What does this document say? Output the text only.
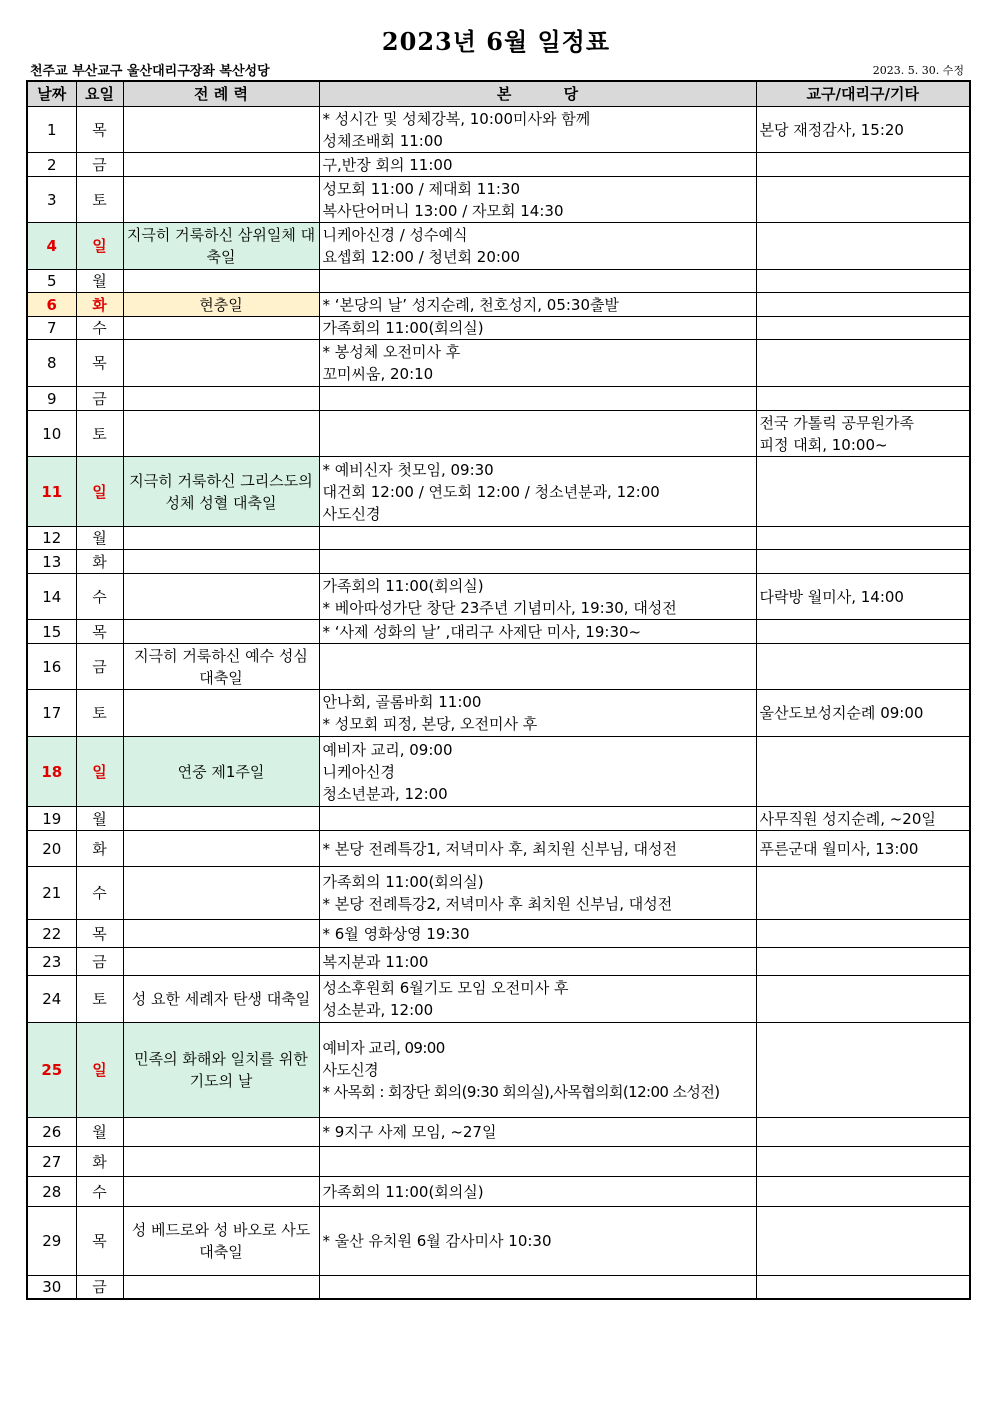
2023년 6월 일정표
천주교 부산교구 울산대리구장좌 복산성당	2023. 5. 30. 수정
날짜	요일	전 례 력	본          당	교구/대리구/기타
1	목		* 성시간 및 성체강복, 10:00미사와 함께
성체조배회 11:00	본당 재정감사, 15:20
2	금		구,반장 회의 11:00	
3	토		성모회 11:00 / 제대회 11:30
복사단어머니 13:00 / 자모회 14:30	
4	일	지극히 거룩하신 삼위일체 대축일	니케아신경 / 성수예식
요셉회 12:00 / 청년회 20:00	
5	월			
6	화	현충일	* ‘본당의 날’ 성지순례, 천호성지, 05:30출발	
7	수		가족회의 11:00(회의실)	
8	목		* 봉성체 오전미사 후
꼬미씨움, 20:10	
9	금			
10	토			전국 가톨릭 공무원가족
피정 대회, 10:00~
11	일	지극히 거룩하신 그리스도의 성체 성혈 대축일	* 예비신자 첫모임, 09:30
대건회 12:00 / 연도회 12:00 / 청소년분과, 12:00
사도신경	
12	월			
13	화			
14	수		가족회의 11:00(회의실)
* 베아따성가단 창단 23주년 기념미사, 19:30, 대성전	다락방 월미사, 14:00
15	목		* ‘사제 성화의 날’ ,대리구 사제단 미사, 19:30~	
16	금	지극히 거룩하신 예수 성심 대축일		
17	토		안나회, 골롬바회 11:00
* 성모회 피정, 본당, 오전미사 후	울산도보성지순례 09:00
18	일	연중 제1주일	예비자 교리, 09:00
니케아신경
청소년분과, 12:00	
19	월			사무직원 성지순례, ~20일
20	화		* 본당 전례특강1, 저녁미사 후, 최치원 신부님, 대성전	푸른군대 월미사, 13:00
21	수		가족회의 11:00(회의실)
* 본당 전례특강2, 저녁미사 후 최치원 신부님, 대성전	
22	목		* 6월 영화상영 19:30	
23	금		복지분과 11:00	
24	토	성 요한 세례자 탄생 대축일	성소후원회 6월기도 모임 오전미사 후
성소분과, 12:00	
25	일	민족의 화해와 일치를 위한 기도의 날	예비자 교리, 09:00
사도신경
* 사목회 : 회장단 회의(9:30 회의실),사목협의회(12:00 소성전)	
26	월		* 9지구 사제 모임, ~27일	
27	화			
28	수		가족회의 11:00(회의실)	
29	목	성 베드로와 성 바오로 사도 대축일	* 울산 유치원 6월 감사미사 10:30	
30	금			
